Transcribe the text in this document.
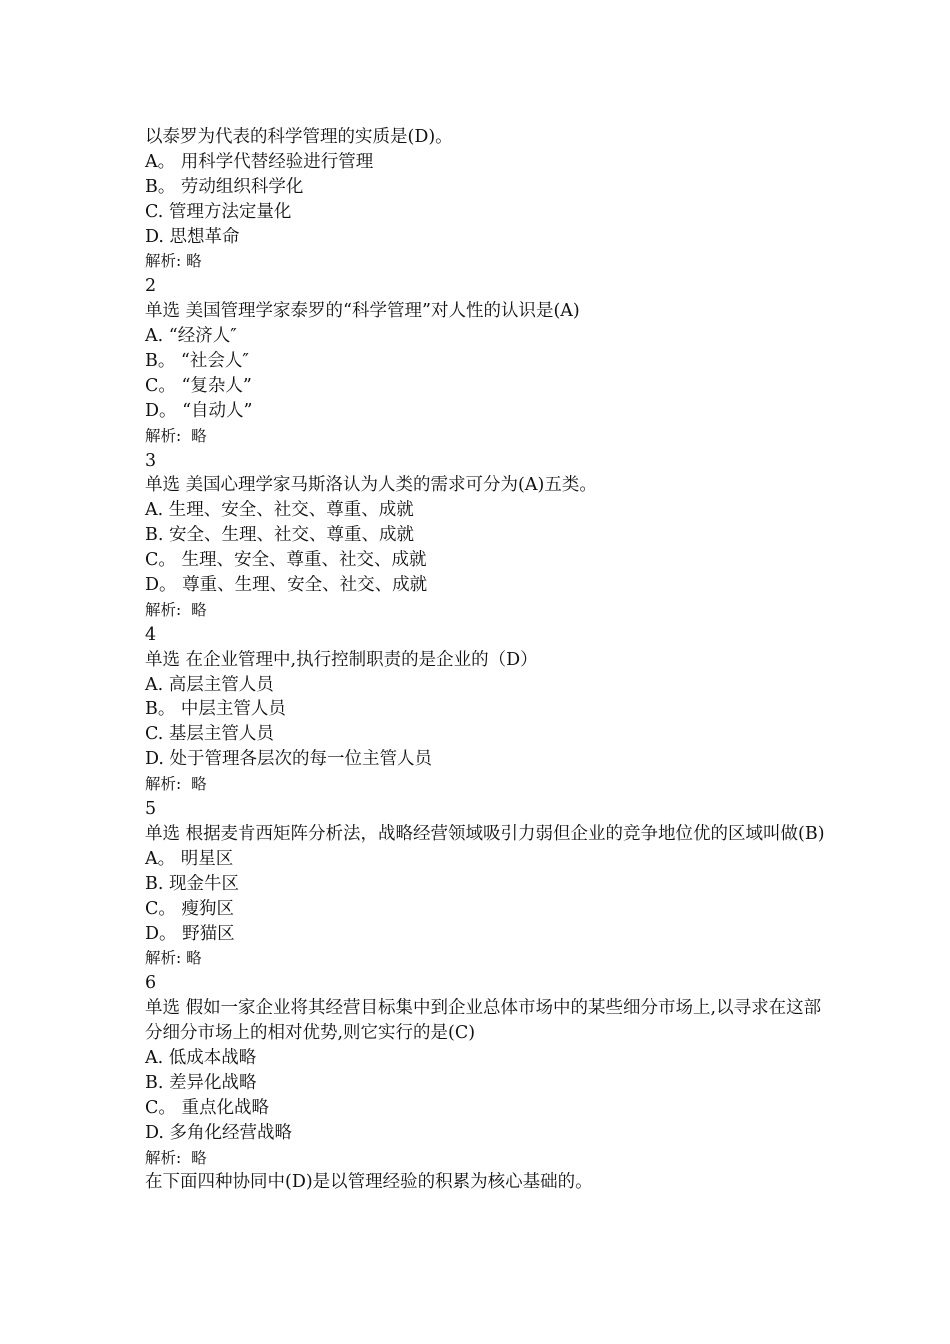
以泰罗为代表的科学管理的实质是(D)。
A。 用科学代替经验进行管理
B。 劳动组织科学化
C. 管理方法定量化
D. 思想革命
解析: 略
2
单选 美国管理学家泰罗的“科学管理”对人性的认识是(A)
A. “经济人″
B。 “社会人″
C。 “复杂人”
D。 “自动人”
解析:  略
3
单选 美国心理学家马斯洛认为人类的需求可分为(A)五类。
A. 生理、安全、社交、尊重、成就
B. 安全、生理、社交、尊重、成就
C。 生理、安全、尊重、社交、成就
D。 尊重、生理、安全、社交、成就
解析:  略
4
单选 在企业管理中,执行控制职责的是企业的（D）
A. 高层主管人员
B。 中层主管人员
C. 基层主管人员
D. 处于管理各层次的每一位主管人员
解析:  略
5
单选 根据麦肯西矩阵分析法，战略经营领域吸引力弱但企业的竞争地位优的区域叫做(B)
A。 明星区
B. 现金牛区
C。 瘦狗区
D。 野猫区
解析: 略
6
单选 假如一家企业将其经营目标集中到企业总体市场中的某些细分市场上,以寻求在这部分细分市场上的相对优势,则它实行的是(C)
A. 低成本战略
B. 差异化战略
C。 重点化战略
D. 多角化经营战略
解析:  略
在下面四种协同中(D)是以管理经验的积累为核心基础的。
